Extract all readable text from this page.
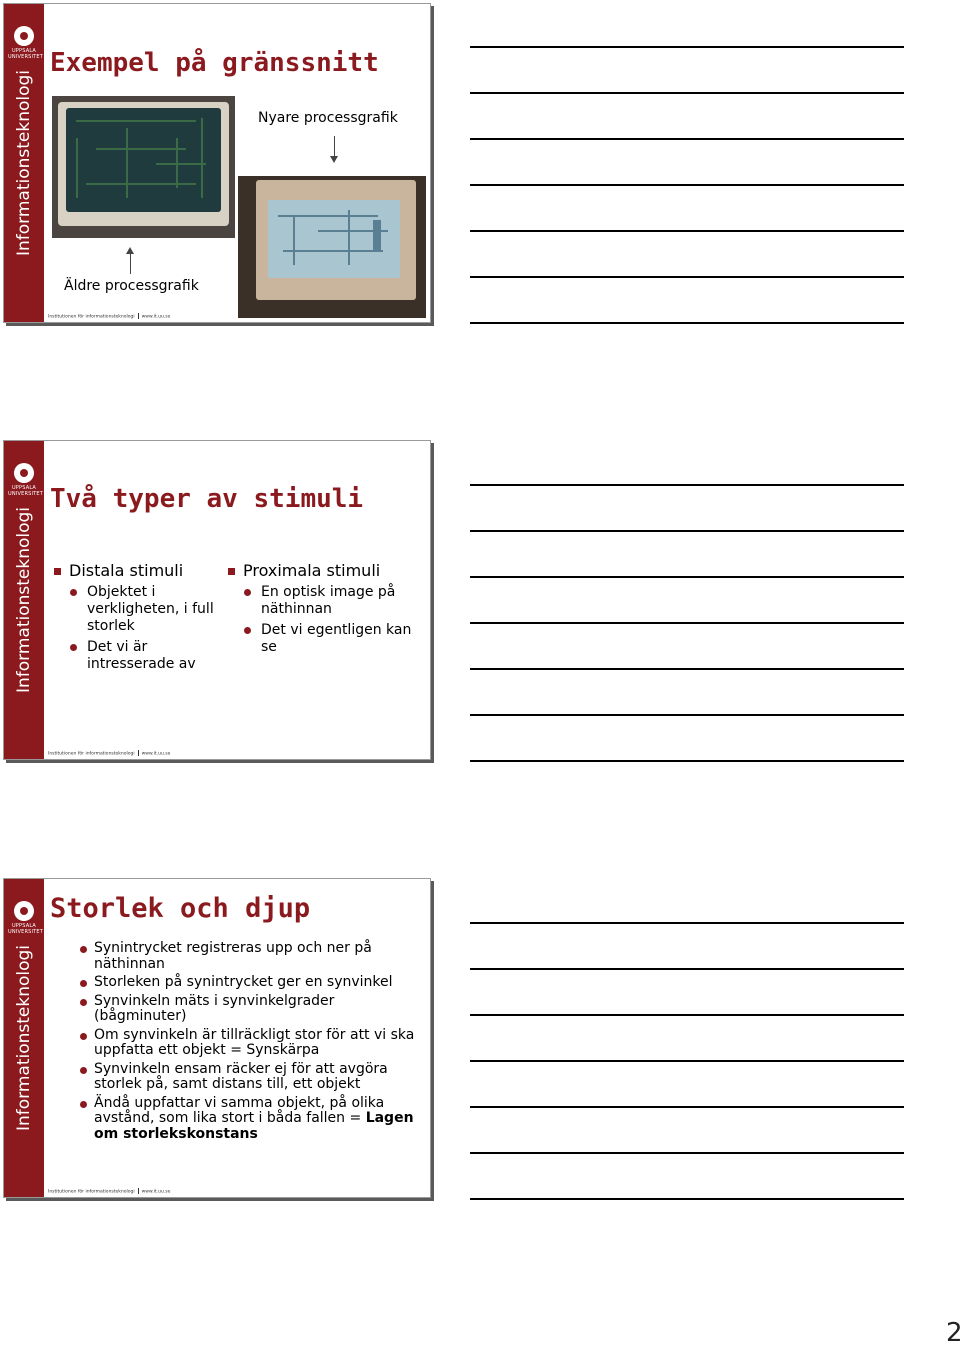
UPPSALA UNIVERSITET
Informationsteknologi
Exempel på gränssnitt
Nyare processgrafik
Äldre processgrafik
Institutionen för informationsteknologi www.it.uu.se
UPPSALA UNIVERSITET
Informationsteknologi
Två typer av stimuli
Distala stimuli
Objektet i verkligheten, i full storlek
Det vi är intresserade av
Proximala stimuli
En optisk image på näthinnan
Det vi egentligen kan se
Institutionen för informationsteknologi www.it.uu.se
UPPSALA UNIVERSITET
Informationsteknologi
Storlek och djup
Synintrycket registreras upp och ner på näthinnan
Storleken på synintrycket ger en synvinkel
Synvinkeln mäts i synvinkelgrader (bågminuter)
Om synvinkeln är tillräckligt stor för att vi ska uppfatta ett objekt = Synskärpa
Synvinkeln ensam räcker ej för att avgöra storlek på, samt distans till, ett objekt
Ändå uppfattar vi samma objekt, på olika avstånd, som lika stort i båda fallen = Lagen om storlekskonstans
Institutionen för informationsteknologi www.it.uu.se
2
